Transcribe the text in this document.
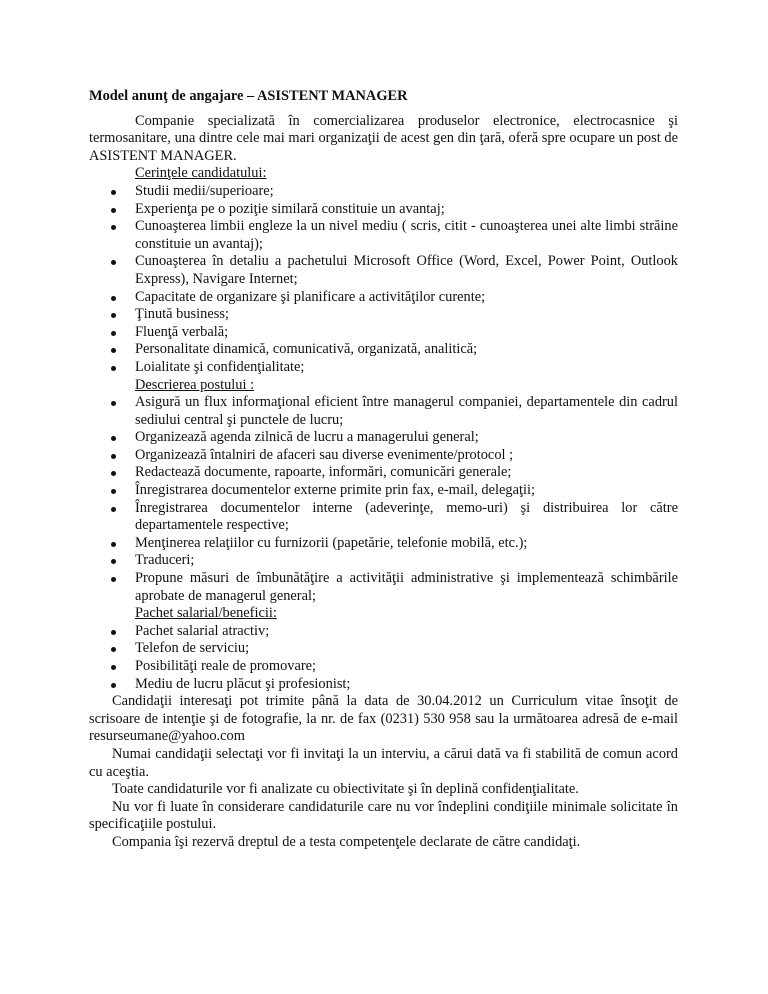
Model anunţ de angajare – ASISTENT MANAGER

Companie specializată în comercializarea produselor electronice, electrocasnice şi termosanitare, una dintre cele mai mari organizaţii de acest gen din ţară, oferă spre ocupare un post de ASISTENT MANAGER.

Cerinţele candidatului:

Studii medii/superioare;
Experienţa pe o poziţie similară constituie un avantaj;
Cunoaşterea limbii engleze la un nivel mediu ( scris, citit - cunoaşterea unei alte limbi străine constituie un avantaj);
Cunoaşterea în detaliu a pachetului Microsoft Office (Word, Excel, Power Point, Outlook Express), Navigare Internet;
Capacitate de organizare şi planificare a activităţilor curente;
Ţinută business;
Fluenţă verbală;
Personalitate dinamică, comunicativă, organizată, analitică;
Loialitate şi confidenţialitate;

Descrierea postului :

Asigură un flux informaţional eficient între managerul companiei, departamentele din cadrul sediului central şi punctele de lucru;
Organizează agenda zilnică de lucru a managerului general;
Organizează întalniri de afaceri sau diverse evenimente/protocol ;
Redactează documente, rapoarte, informări, comunicări generale;
Înregistrarea documentelor externe primite prin fax, e-mail, delegaţii;
Înregistrarea documentelor interne (adeverinţe, memo-uri) şi distribuirea lor către departamentele respective;
Menţinerea relaţiilor cu furnizorii (papetărie, telefonie mobilă, etc.);
Traduceri;
Propune măsuri de îmbunătăţire a activităţii administrative şi implementează schimbările aprobate de managerul general;

Pachet salarial/beneficii:

Pachet salarial atractiv;
Telefon de serviciu;
Posibilităţi reale de promovare;
Mediu de lucru plăcut şi profesionist;

Candidaţii interesaţi pot trimite până la data de 30.04.2012 un Curriculum vitae însoţit de scrisoare de intenţie şi de fotografie, la nr. de fax (0231) 530 958 sau la următoarea adresă de e-mail resurseumane@yahoo.com

Numai candidaţii selectaţi vor fi invitaţi la un interviu, a cărui dată va fi stabilită de comun acord cu aceştia.

Toate candidaturile vor fi analizate cu obiectivitate şi în deplină confidenţialitate.

Nu vor fi luate în considerare candidaturile care nu vor îndeplini condiţiile minimale solicitate în specificaţiile postului.

Compania îşi rezervă dreptul de a testa competenţele declarate de către candidaţi.
